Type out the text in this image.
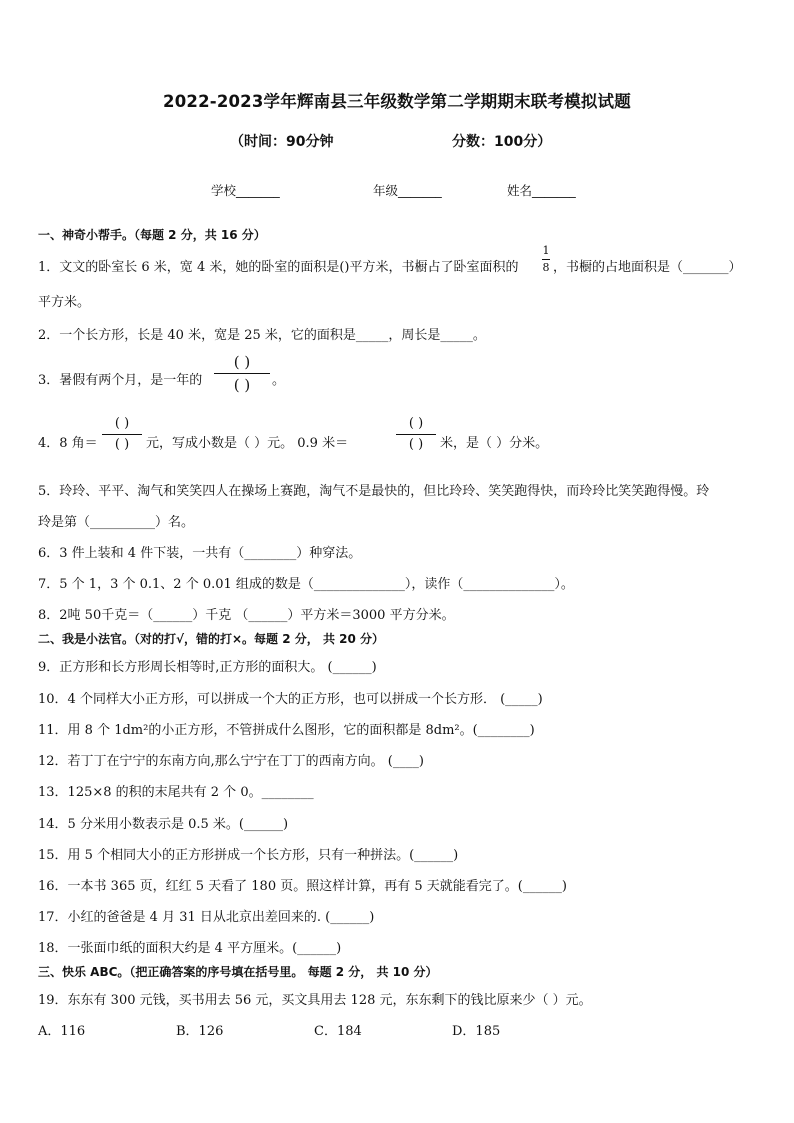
2022-2023学年辉南县三年级数学第二学期期末联考模拟试题
（时间：90分钟	分数：100分）
学校_______	年级_______	姓名_______
一、神奇小帮手。（每题 2 分，共 16 分）
1．文文的卧室长 6 米，宽 4 米，她的卧室的面积是()平方米，书橱占了卧室面积的
1
8 ，书橱的占地面积是（_______）
平方米。
2．一个长方形，长是 40 米，宽是 25 米，它的面积是_____，周长是_____。
3．暑假有两个月，是一年的
( )
( )	。
4．8 角＝
( )
( )	元，写成小数是（ ）元。 0.9 米＝
( )
( )	米，是（ ）分米。
5．玲玲、平平、淘气和笑笑四人在操场上赛跑，淘气不是最快的，但比玲玲、笑笑跑得快，而玲玲比笑笑跑得慢。玲
玲是第（__________）名。
6．3 件上装和 4 件下装，一共有（________）种穿法。
7．5 个 1，3 个 0.1、2 个 0.01 组成的数是（______________），读作（______________）。
8．2吨 50千克＝（______）千克 （______）平方米＝3000 平方分米。
二、我是小法官。（对的打√，错的打×。每题 2 分， 共 20 分）
9．正方形和长方形周长相等时,正方形的面积大。 (______)
10．4 个同样大小正方形，可以拼成一个大的正方形，也可以拼成一个长方形． (_____)
11．用 8 个 1dm²的小正方形，不管拼成什么图形，它的面积都是 8dm²。(________)
12．若丁丁在宁宁的东南方向,那么宁宁在丁丁的西南方向。 (____)
13．125×8 的积的末尾共有 2 个 0。________
14．5 分米用小数表示是 0.5 米。(______)
15．用 5 个相同大小的正方形拼成一个长方形，只有一种拼法。(______)
16．一本书 365 页，红红 5 天看了 180 页。照这样计算，再有 5 天就能看完了。(______)
17．小红的爸爸是 4 月 31 日从北京出差回来的. (______)
18．一张面巾纸的面积大约是 4 平方厘米。(______)
三、快乐 ABC。（把正确答案的序号填在括号里。 每题 2 分， 共 10 分）
19．东东有 300 元钱，买书用去 56 元，买文具用去 128 元，东东剩下的钱比原来少（ ）元。
A．116	B．126	C．184	D．185
